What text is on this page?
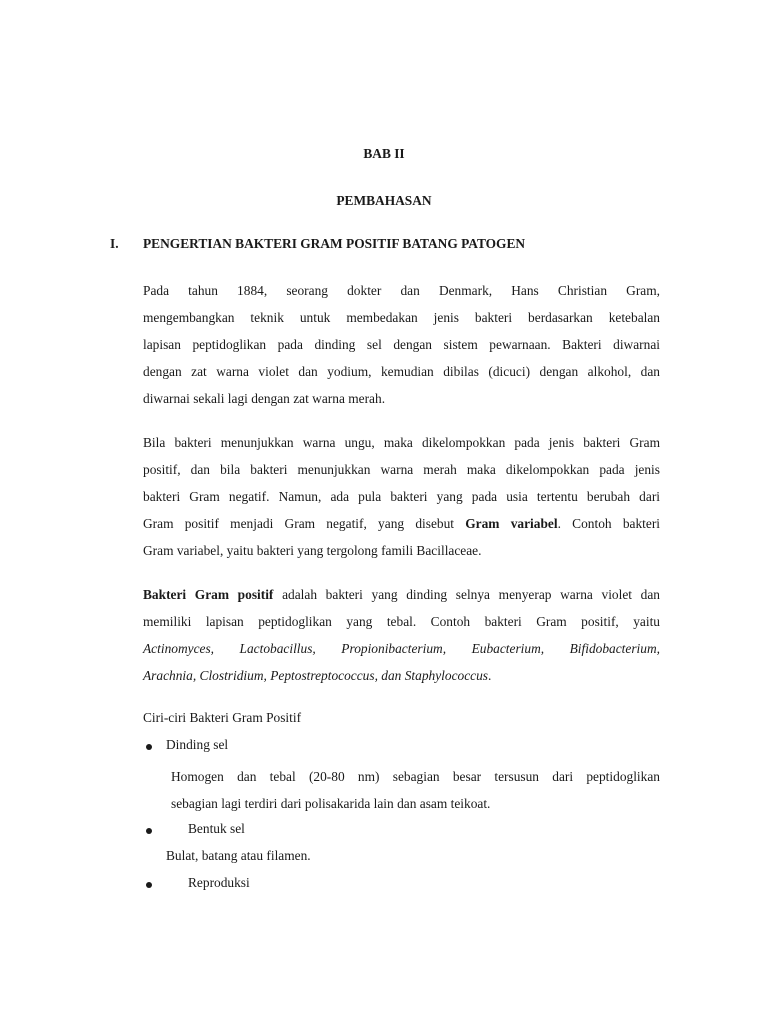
BAB II
PEMBAHASAN
I. PENGERTIAN BAKTERI GRAM POSITIF BATANG PATOGEN
Pada tahun 1884, seorang dokter dan Denmark, Hans Christian Gram,
mengembangkan teknik untuk membedakan jenis bakteri berdasarkan ketebalan
lapisan peptidoglikan pada dinding sel dengan sistem pewarnaan. Bakteri diwarnai
dengan zat warna violet dan yodium, kemudian dibilas (dicuci) dengan alkohol, dan
diwarnai sekali lagi dengan zat warna merah.
Bila bakteri menunjukkan warna ungu, maka dikelompokkan pada jenis bakteri Gram
positif, dan bila bakteri menunjukkan warna merah maka dikelompokkan pada jenis
bakteri Gram negatif. Namun, ada pula bakteri yang pada usia tertentu berubah dari
Gram positif menjadi Gram negatif, yang disebut Gram variabel. Contoh bakteri
Gram variabel, yaitu bakteri yang tergolong famili Bacillaceae.
Bakteri Gram positif adalah bakteri yang dinding selnya menyerap warna violet dan
memiliki lapisan peptidoglikan yang tebal. Contoh bakteri Gram positif, yaitu
Actinomyces, Lactobacillus, Propionibacterium, Eubacterium, Bifidobacterium,
Arachnia, Clostridium, Peptostreptococcus, dan Staphylococcus.
Ciri-ciri Bakteri Gram Positif
Dinding sel
Homogen dan tebal (20-80 nm) sebagian besar tersusun dari peptidoglikan
sebagian lagi terdiri dari polisakarida lain dan asam teikoat.
Bentuk sel
Bulat, batang atau filamen.
Reproduksi
